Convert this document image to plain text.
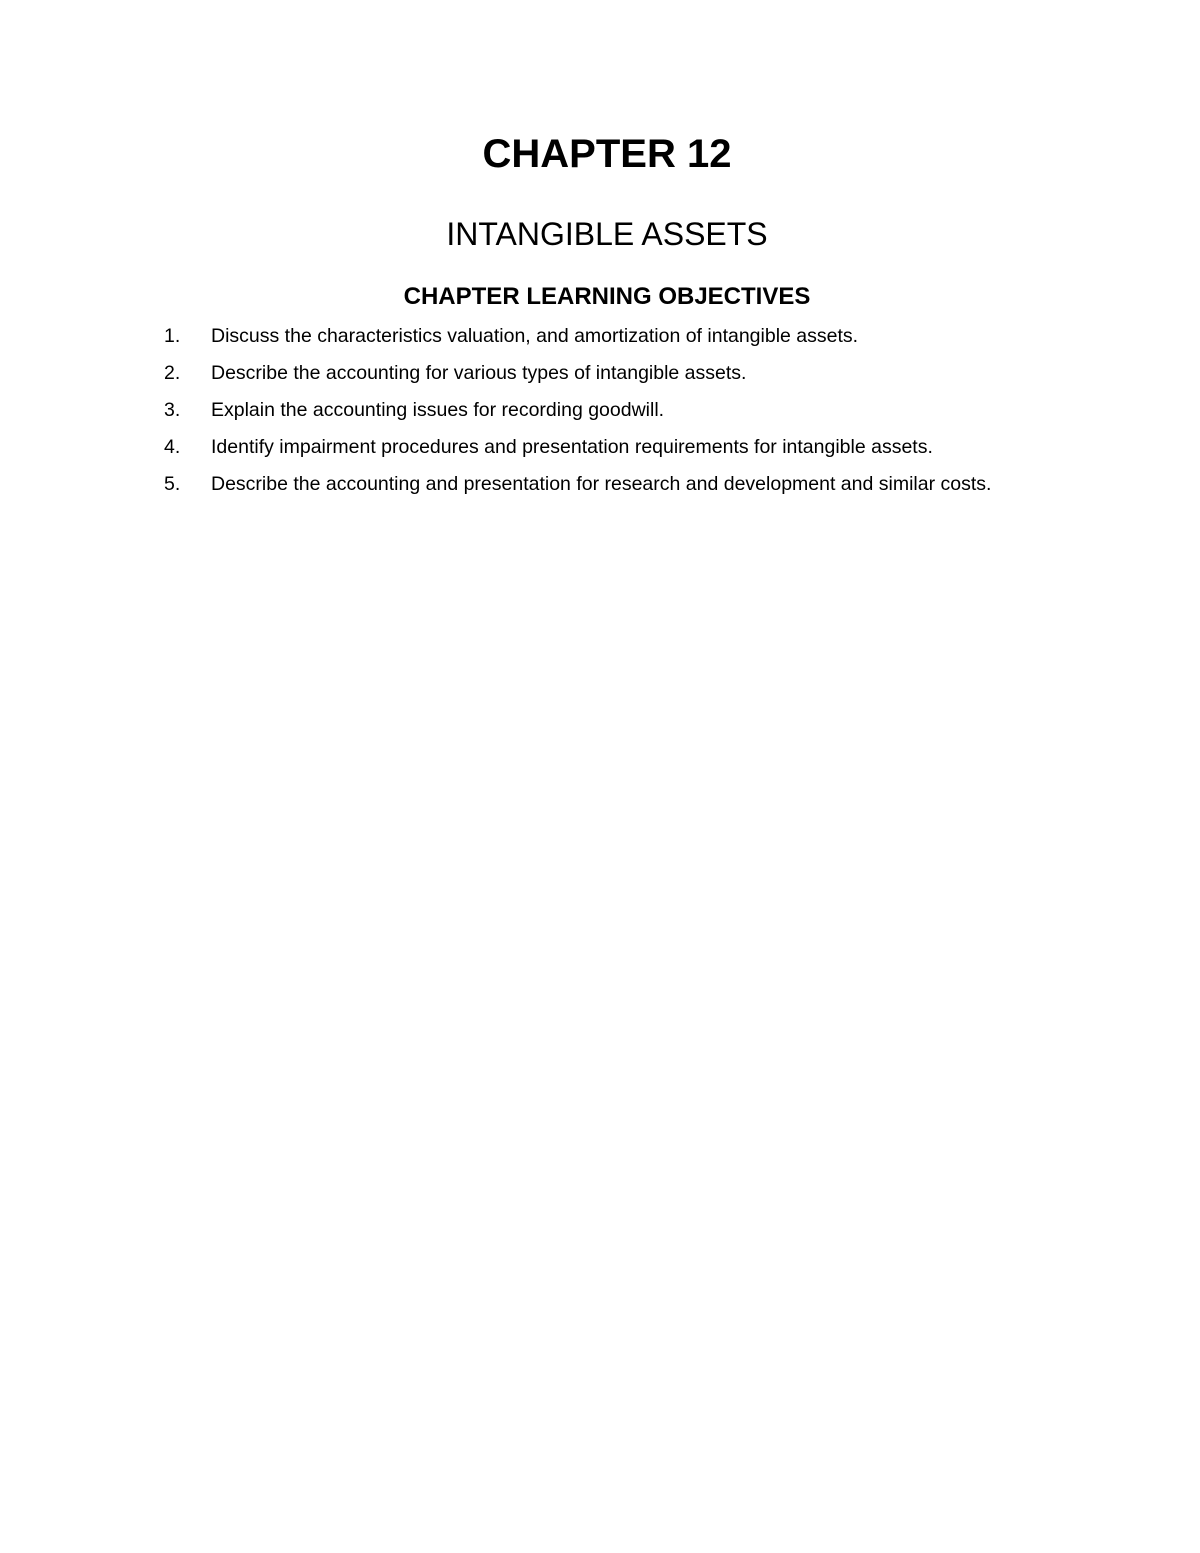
CHAPTER 12
INTANGIBLE ASSETS
CHAPTER LEARNING OBJECTIVES
1. Discuss the characteristics valuation, and amortization of intangible assets.
2. Describe the accounting for various types of intangible assets.
3. Explain the accounting issues for recording goodwill.
4. Identify impairment procedures and presentation requirements for intangible assets.
5. Describe the accounting and presentation for research and development and similar costs.
